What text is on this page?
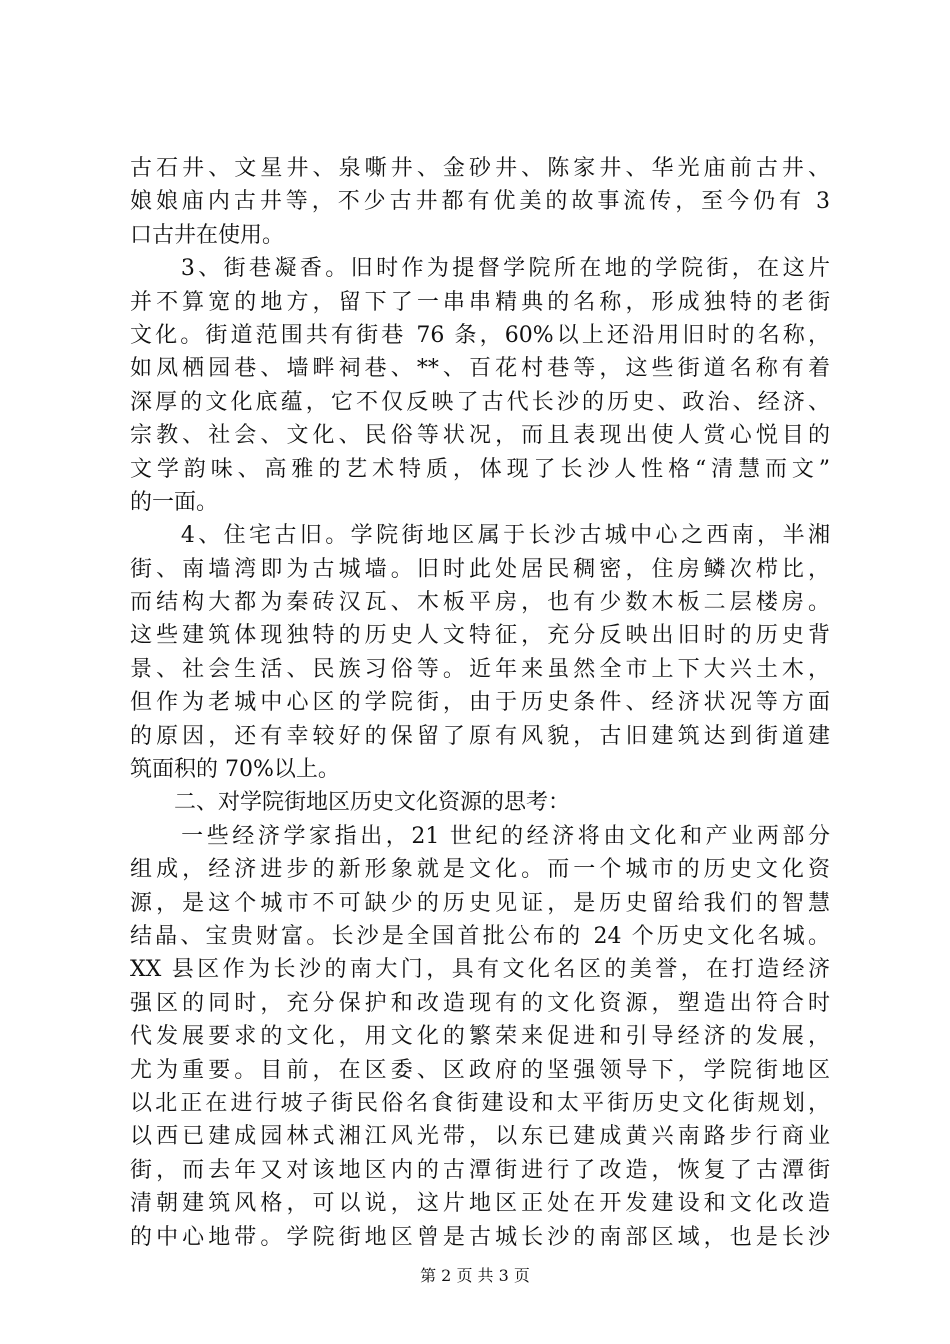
古石井、文星井、泉嘶井、金砂井、陈家井、华光庙前古井、
娘娘庙内古井等，不少古井都有优美的故事流传，至今仍有 3
口古井在使用。
　　3、街巷凝香。旧时作为提督学院所在地的学院街，在这片
并不算宽的地方，留下了一串串精典的名称，形成独特的老街
文化。街道范围共有街巷 76 条，60%以上还沿用旧时的名称，
如凤栖园巷、墙畔祠巷、**、百花村巷等，这些街道名称有着
深厚的文化底蕴，它不仅反映了古代长沙的历史、政治、经济、
宗教、社会、文化、民俗等状况，而且表现出使人赏心悦目的
文学韵味、高雅的艺术特质，体现了长沙人性格“清慧而文”
的一面。
　　4、住宅古旧。学院街地区属于长沙古城中心之西南，半湘
街、南墙湾即为古城墙。旧时此处居民稠密，住房鳞次栉比，
而结构大都为秦砖汉瓦、木板平房，也有少数木板二层楼房。
这些建筑体现独特的历史人文特征，充分反映出旧时的历史背
景、社会生活、民族习俗等。近年来虽然全市上下大兴土木，
但作为老城中心区的学院街，由于历史条件、经济状况等方面
的原因，还有幸较好的保留了原有风貌，古旧建筑达到街道建
筑面积的 70%以上。
　　二、对学院街地区历史文化资源的思考：
　　一些经济学家指出，21 世纪的经济将由文化和产业两部分
组成，经济进步的新形象就是文化。而一个城市的历史文化资
源，是这个城市不可缺少的历史见证，是历史留给我们的智慧
结晶、宝贵财富。长沙是全国首批公布的 24 个历史文化名城。
XX 县区作为长沙的南大门，具有文化名区的美誉，在打造经济
强区的同时，充分保护和改造现有的文化资源，塑造出符合时
代发展要求的文化，用文化的繁荣来促进和引导经济的发展，
尤为重要。目前，在区委、区政府的坚强领导下，学院街地区
以北正在进行坡子街民俗名食街建设和太平街历史文化街规划，
以西已建成园林式湘江风光带，以东已建成黄兴南路步行商业
街，而去年又对该地区内的古潭街进行了改造，恢复了古潭街
清朝建筑风格，可以说，这片地区正处在开发建设和文化改造
的中心地带。学院街地区曾是古城长沙的南部区域，也是长沙
第 2 页 共 3 页
